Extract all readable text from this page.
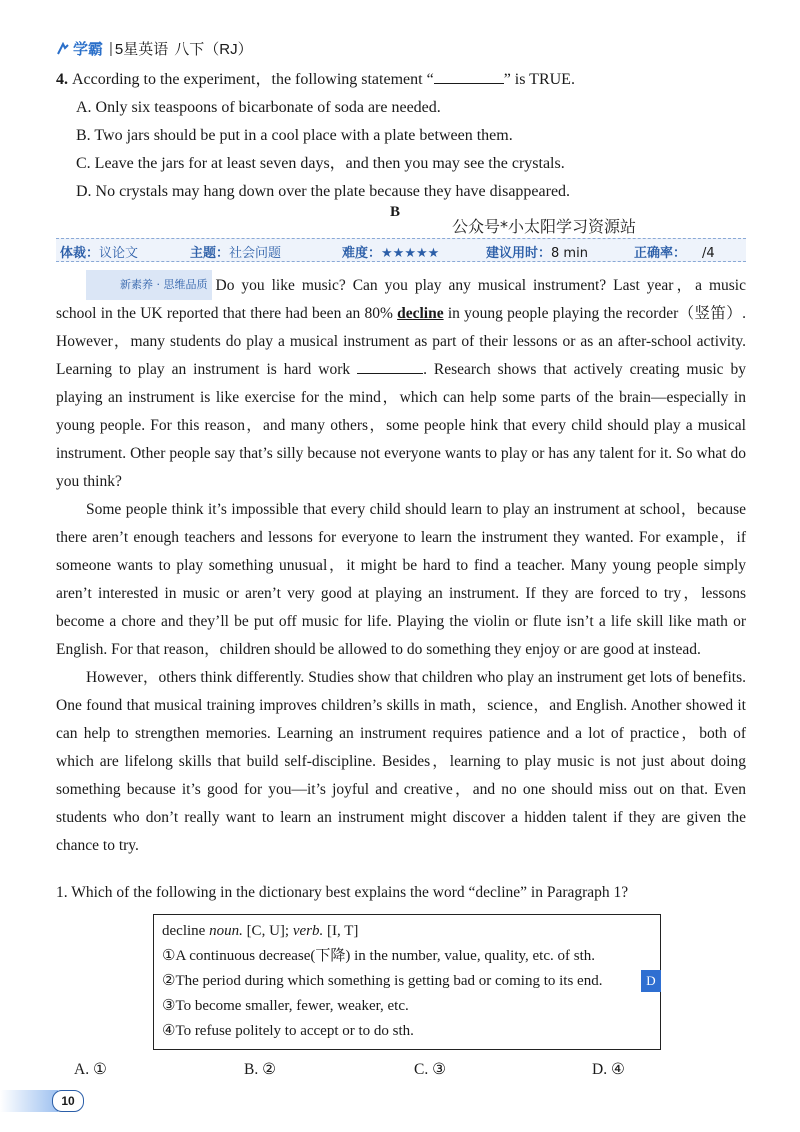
学霸 | 5星英语 八下（RJ）
4. According to the experiment，the following statement “	” is TRUE.
A. Only six teaspoons of bicarbonate of soda are needed.
B. Two jars should be put in a cool place with a plate between them.
C. Leave the jars for at least seven days，and then you may see the crystals.
D. No crystals may hang down over the plate because they have disappeared.
B
公众号*小太阳学习资源站
体裁：议论文	主题：社会问题	难度：★★★★★	建议用时：8 min	正确率： /4

新素养 · 思维品质 Do you like music? Can you play any musical instrument? Last year，a music school in the UK reported that there had been an 80% decline in young people playing the recorder（竖笛）. However，many students do play a musical instrument as part of their lessons or as an after-school activity. Learning to play an instrument is hard work	. Research shows that actively creating music by playing an instrument is like exercise for the mind，which can help some parts of the brain—especially in young people. For this reason，and many others，some people hink that every child should play a musical instrument. Other people say that’s silly because not everyone wants to play or has any talent for it. So what do you think?

Some people think it’s impossible that every child should learn to play an instrument at school，because there aren’t enough teachers and lessons for everyone to learn the instrument they wanted. For example，if someone wants to play something unusual，it might be hard to find a teacher. Many young people simply aren’t interested in music or aren’t very good at playing an instrument. If they are forced to try，lessons become a chore and they’ll be put off music for life. Playing the violin or flute isn’t a life skill like math or English. For that reason，children should be allowed to do something they enjoy or are good at instead.

However，others think differently. Studies show that children who play an instrument get lots of benefits. One found that musical training improves children’s skills in math，science，and English. Another showed it can help to strengthen memories. Learning an instrument requires patience and a lot of practice，both of which are lifelong skills that build self-discipline. Besides，learning to play music is not just about doing something because it’s good for you—it’s joyful and creative，and no one should miss out on that. Even students who don’t really want to learn an instrument might discover a hidden talent if they are given the chance to try.

1. Which of the following in the dictionary best explains the word “decline” in Paragraph 1?
decline noun. [C, U]; verb. [I, T]
①A continuous decrease(下降) in the number, value, quality, etc. of sth.
②The period during which something is getting bad or coming to its end.
③To become smaller, fewer, weaker, etc.
④To refuse politely to accept or to do sth.
D
A. ①	B. ②	C. ③	D. ④
10
